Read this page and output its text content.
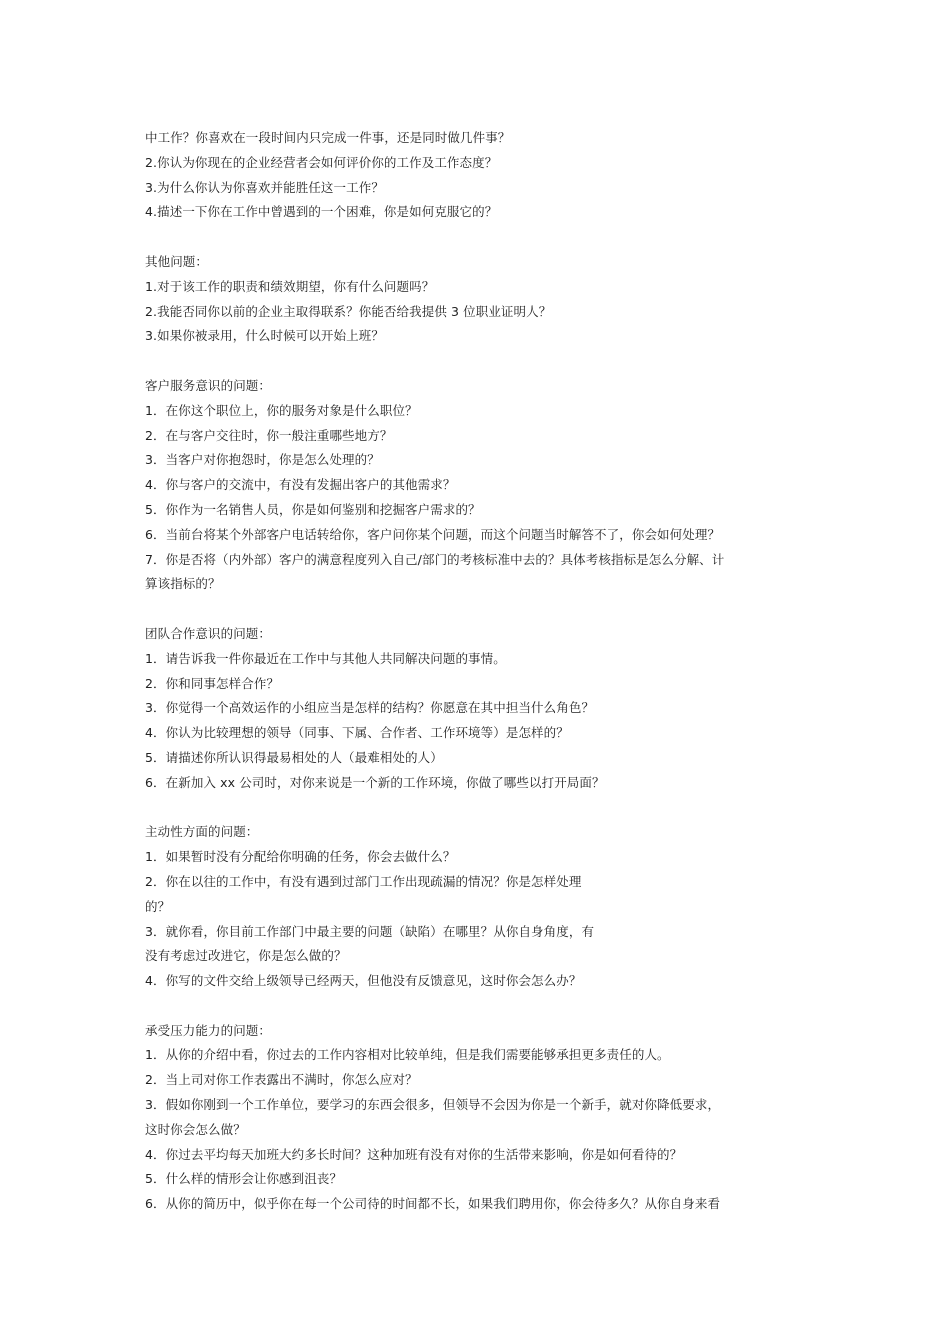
中工作？你喜欢在一段时间内只完成一件事，还是同时做几件事？
2.你认为你现在的企业经营者会如何评价你的工作及工作态度？
3.为什么你认为你喜欢并能胜任这一工作？
4.描述一下你在工作中曾遇到的一个困难，你是如何克服它的？
其他问题：
1.对于该工作的职责和绩效期望，你有什么问题吗？
2.我能否同你以前的企业主取得联系？你能否给我提供 3 位职业证明人？
3.如果你被录用，什么时候可以开始上班？
客户服务意识的问题：
1．在你这个职位上，你的服务对象是什么职位？
2．在与客户交往时，你一般注重哪些地方？
3．当客户对你抱怨时，你是怎么处理的？
4．你与客户的交流中，有没有发掘出客户的其他需求？
5．你作为一名销售人员，你是如何鉴别和挖掘客户需求的？
6．当前台将某个外部客户电话转给你，客户问你某个问题，而这个问题当时解答不了，你会如何处理？
7．你是否将（内外部）客户的满意程度列入自己/部门的考核标准中去的？具体考核指标是怎么分解、计
算该指标的？
团队合作意识的问题：
1．请告诉我一件你最近在工作中与其他人共同解决问题的事情。
2．你和同事怎样合作？
3．你觉得一个高效运作的小组应当是怎样的结构？你愿意在其中担当什么角色？
4．你认为比较理想的领导（同事、下属、合作者、工作环境等）是怎样的？
5．请描述你所认识得最易相处的人（最难相处的人）
6．在新加入 xx 公司时，对你来说是一个新的工作环境，你做了哪些以打开局面？
主动性方面的问题：
1．如果暂时没有分配给你明确的任务，你会去做什么？
2．你在以往的工作中，有没有遇到过部门工作出现疏漏的情况？你是怎样处理
的？
3．就你看，你目前工作部门中最主要的问题（缺陷）在哪里？从你自身角度，有
没有考虑过改进它，你是怎么做的？
4．你写的文件交给上级领导已经两天，但他没有反馈意见，这时你会怎么办？
承受压力能力的问题：
1．从你的介绍中看，你过去的工作内容相对比较单纯，但是我们需要能够承担更多责任的人。
2．当上司对你工作表露出不满时，你怎么应对？
3．假如你刚到一个工作单位，要学习的东西会很多，但领导不会因为你是一个新手，就对你降低要求，
这时你会怎么做？
4．你过去平均每天加班大约多长时间？这种加班有没有对你的生活带来影响，你是如何看待的？
5．什么样的情形会让你感到沮丧？
6．从你的简历中，似乎你在每一个公司待的时间都不长，如果我们聘用你，你会待多久？从你自身来看
